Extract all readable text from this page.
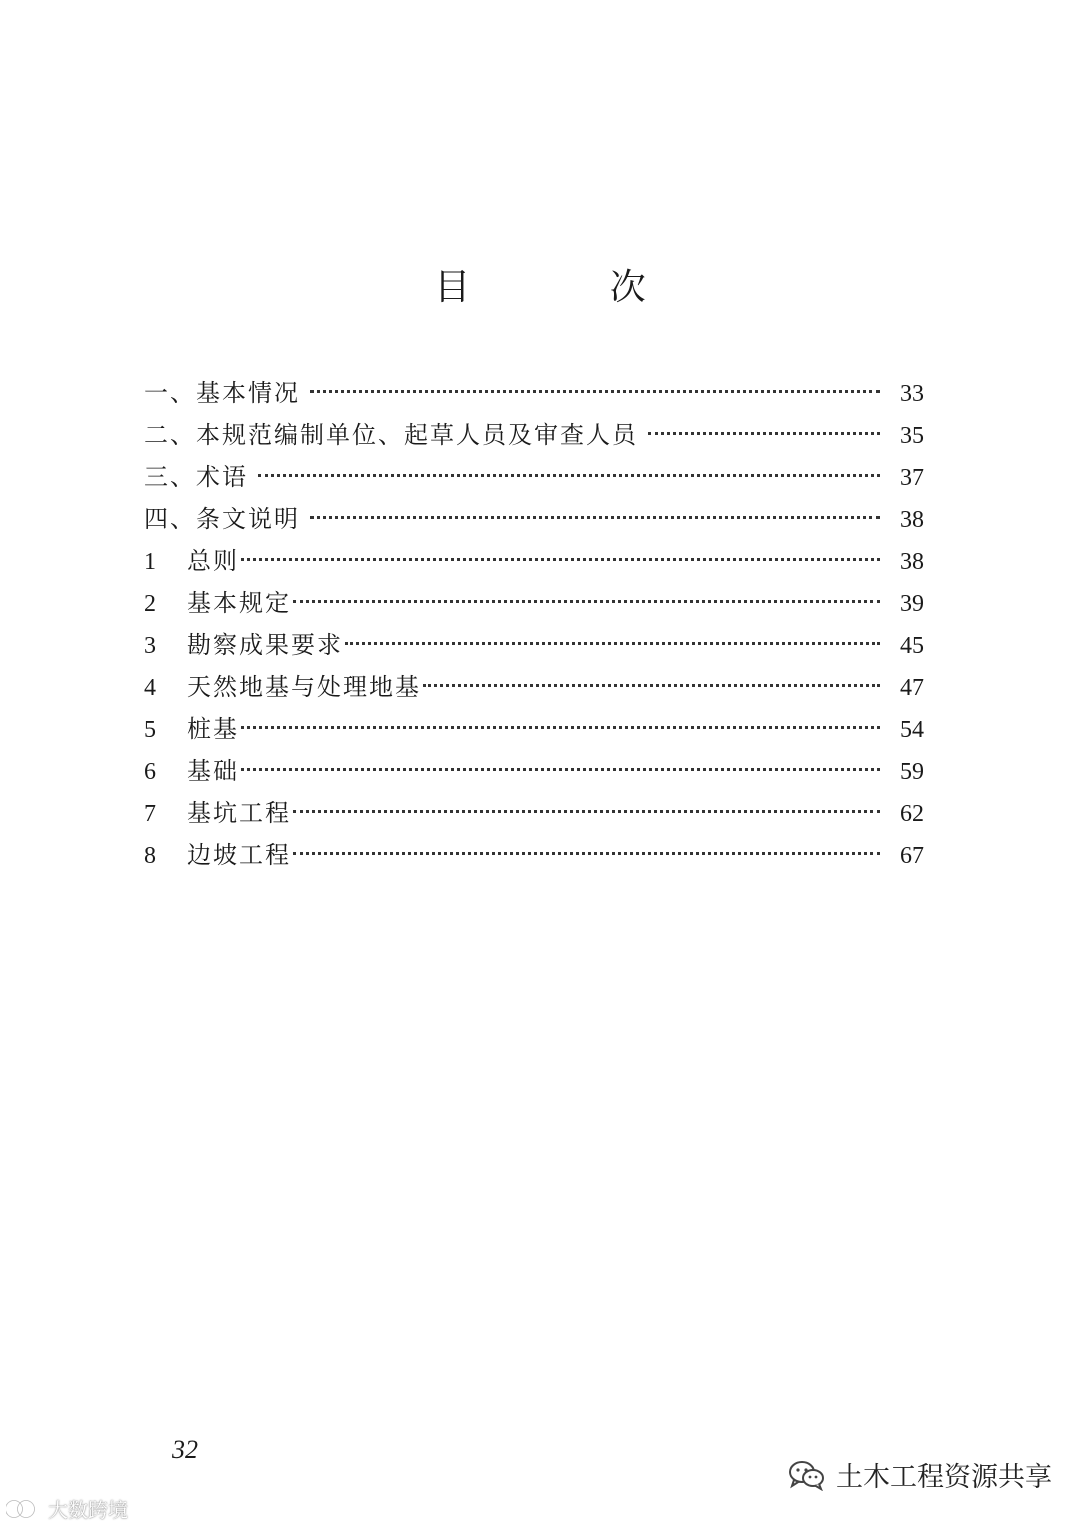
目 次
一、基本情况	33
二、本规范编制单位、起草人员及审查人员	35
三、术语	37
四、条文说明	38
1	总则	38
2	基本规定	39
3	勘察成果要求	45
4	天然地基与处理地基	47
5	桩基	54
6	基础	59
7	基坑工程	62
8	边坡工程	67
32
大数跨境
土木工程资源共享
